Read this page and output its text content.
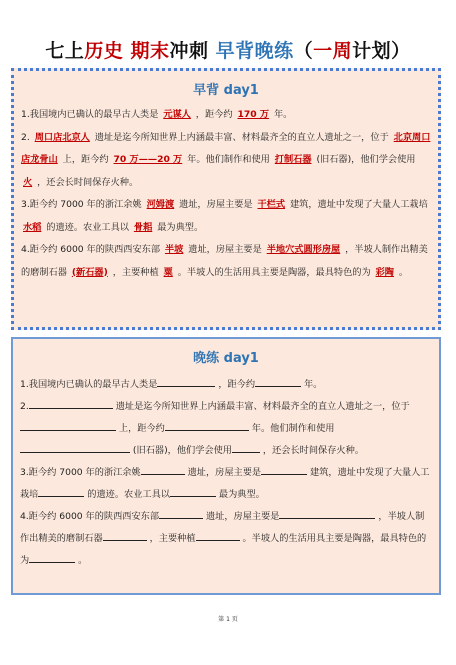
七上历史 期末冲刺 早背晚练（一周计划）
早背 day1
1.我国境内已确认的最早古人类是 元谋人 ，距今约 170 万 年。
2. 周口店北京人 遗址是迄今所知世界上内涵最丰富、材料最齐全的直立人遗址之一，位于 北京周口店龙骨山 上，距今约 70 万——20 万 年。他们制作和使用 打制石器 (旧石器)，他们学会使用 火 ，还会长时间保存火种。
3.距今约 7000 年的浙江余姚 河姆渡 遗址，房屋主要是 干栏式 建筑，遗址中发现了大量人工栽培 水稻 的遗迹。农业工具以 骨耜 最为典型。
4.距今约 6000 年的陕西西安东部 半坡 遗址，房屋主要是 半地穴式圆形房屋 ，半坡人制作出精美的磨制石器 (新石器) ，主要种植 粟 。半坡人的生活用具主要是陶器，最具特色的为 彩陶 。
晚练 day1
1.我国境内已确认的最早古人类是	，距今约	年。
2.	遗址是迄今所知世界上内涵最丰富、材料最齐全的直立人遗址之一，位于 上，距今约	年。他们制作和使用 (旧石器)，他们学会使用	，还会长时间保存火种。
3.距今约 7000 年的浙江余姚	遗址，房屋主要是	建筑，遗址中发现了大量人工栽培	的遗迹。农业工具以	最为典型。
4.距今约 6000 年的陕西西安东部	遗址，房屋主要是	，半坡人制作出精美的磨制石器	，主要种植	。半坡人的生活用具主要是陶器，最具特色的为	。
第 1 页
